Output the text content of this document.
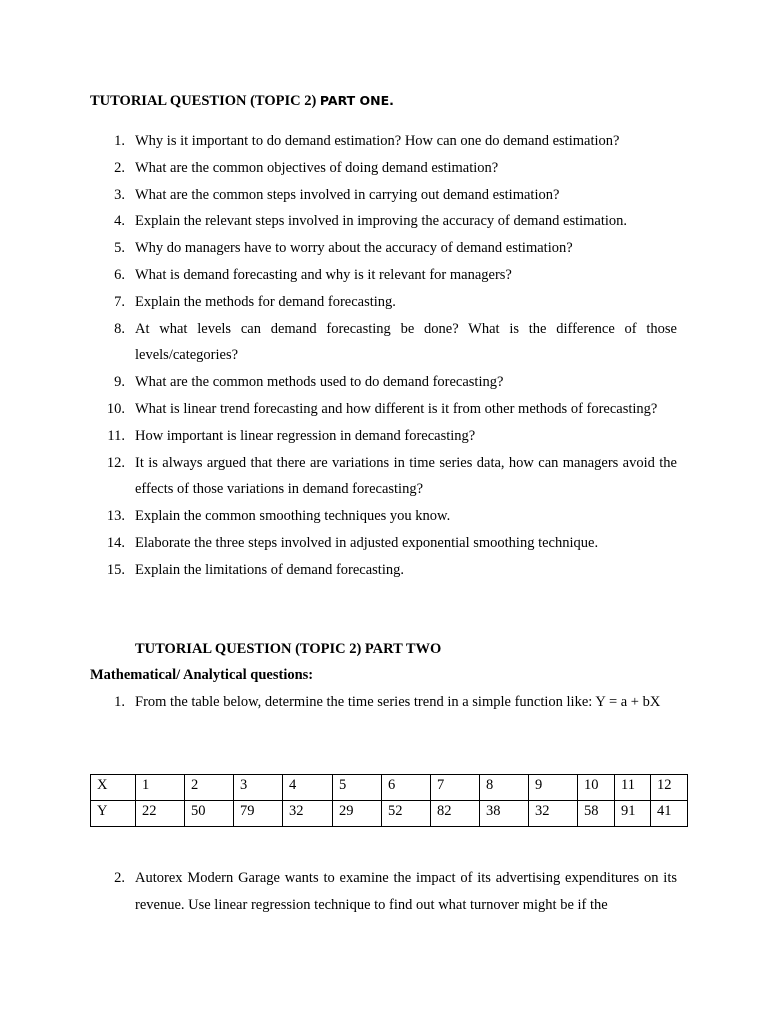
TUTORIAL QUESTION (TOPIC 2) PART ONE.
1. Why is it important to do demand estimation? How can one do demand estimation?
2. What are the common objectives of doing demand estimation?
3. What are the common steps involved in carrying out demand estimation?
4. Explain the relevant steps involved in improving the accuracy of demand estimation.
5. Why do managers have to worry about the accuracy of demand estimation?
6. What is demand forecasting and why is it relevant for managers?
7. Explain the methods for demand forecasting.
8. At what levels can demand forecasting be done? What is the difference of those levels/categories?
9. What are the common methods used to do demand forecasting?
10. What is linear trend forecasting and how different is it from other methods of forecasting?
11. How important is linear regression in demand forecasting?
12. It is always argued that there are variations in time series data, how can managers avoid the effects of those variations in demand forecasting?
13. Explain the common smoothing techniques you know.
14. Elaborate the three steps involved in adjusted exponential smoothing technique.
15. Explain the limitations of demand forecasting.
TUTORIAL QUESTION (TOPIC 2) PART TWO
Mathematical/ Analytical questions:
1. From the table below, determine the time series trend in a simple function like: Y = a + bX
X	1	2	3	4	5	6	7	8	9	10	11	12
Y	22	50	79	32	29	52	82	38	32	58	91	41
2. Autorex Modern Garage wants to examine the impact of its advertising expenditures on its revenue. Use linear regression technique to find out what turnover might be if the
